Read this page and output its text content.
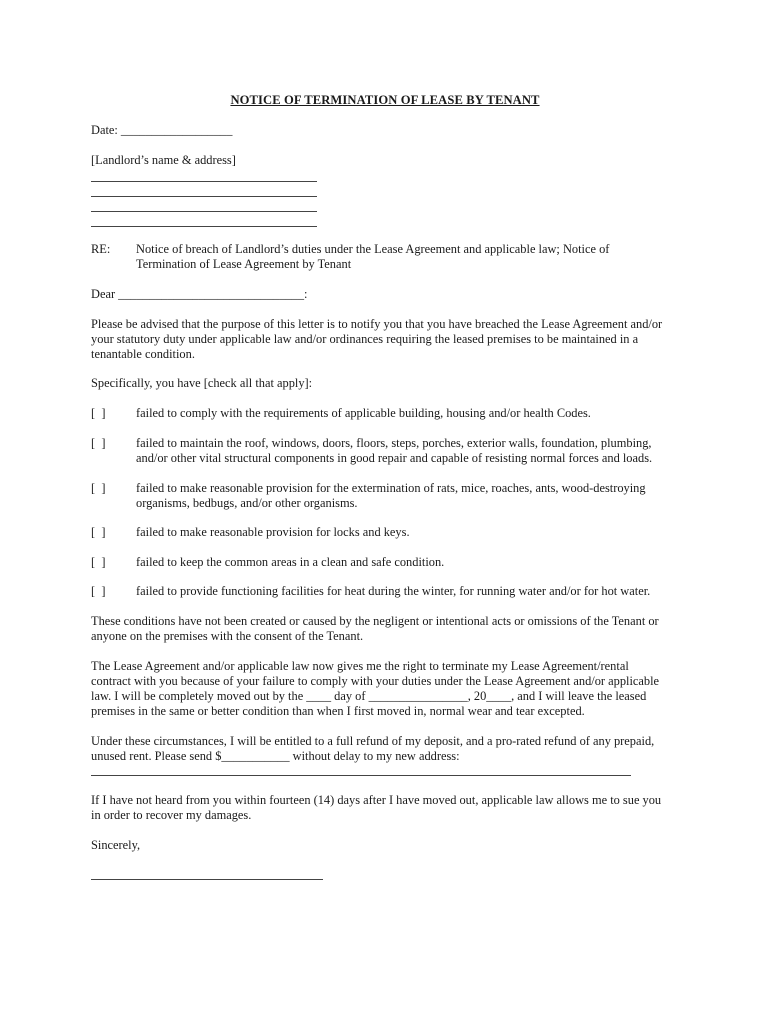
NOTICE OF TERMINATION OF LEASE BY TENANT
Date: __________________
[Landlord’s name & address]
RE: Notice of breach of Landlord’s duties under the Lease Agreement and applicable law; Notice of
Termination of Lease Agreement by Tenant
Dear ______________________________:
Please be advised that the purpose of this letter is to notify you that you have breached the Lease Agreement and/or
your statutory duty under applicable law and/or ordinances requiring the leased premises to be maintained in a
tenantable condition.
Specifically, you have [check all that apply]:
[  ] failed to comply with the requirements of applicable building, housing and/or health Codes.
[  ] failed to maintain the roof, windows, doors, floors, steps, porches, exterior walls, foundation, plumbing,
and/or other vital structural components in good repair and capable of resisting normal forces and loads.
[  ] failed to make reasonable provision for the extermination of rats, mice, roaches, ants, wood-destroying
organisms, bedbugs, and/or other organisms.
[  ] failed to make reasonable provision for locks and keys.
[  ] failed to keep the common areas in a clean and safe condition.
[  ] failed to provide functioning facilities for heat during the winter, for running water and/or for hot water.
These conditions have not been created or caused by the negligent or intentional acts or omissions of the Tenant or
anyone on the premises with the consent of the Tenant.
The Lease Agreement and/or applicable law now gives me the right to terminate my Lease Agreement/rental
contract with you because of your failure to comply with your duties under the Lease Agreement and/or applicable
law. I will be completely moved out by the ____ day of ________________, 20____, and I will leave the leased
premises in the same or better condition than when I first moved in, normal wear and tear excepted.
Under these circumstances, I will be entitled to a full refund of my deposit, and a pro-rated refund of any prepaid,
unused rent. Please send $___________ without delay to my new address:
If I have not heard from you within fourteen (14) days after I have moved out, applicable law allows me to sue you
in order to recover my damages.
Sincerely,
